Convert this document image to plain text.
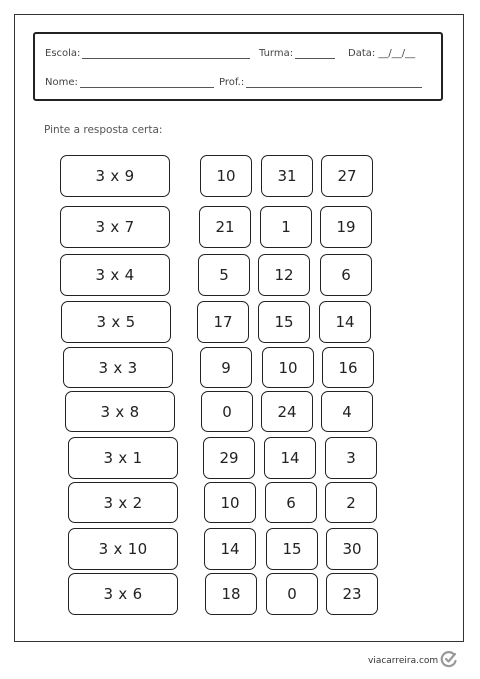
Escola:	Turma:	Data: __/__/__
Nome:	Prof.:
Pinte a resposta certa:
3 x 9	10	31	27
3 x 7	21	1	19
3 x 4	5	12	6
3 x 5	17	15	14
3 x 3	9	10	16
3 x 8	0	24	4
3 x 1	29	14	3
3 x 2	10	6	2
3 x 10	14	15	30
3 x 6	18	0	23
viacarreira.com
